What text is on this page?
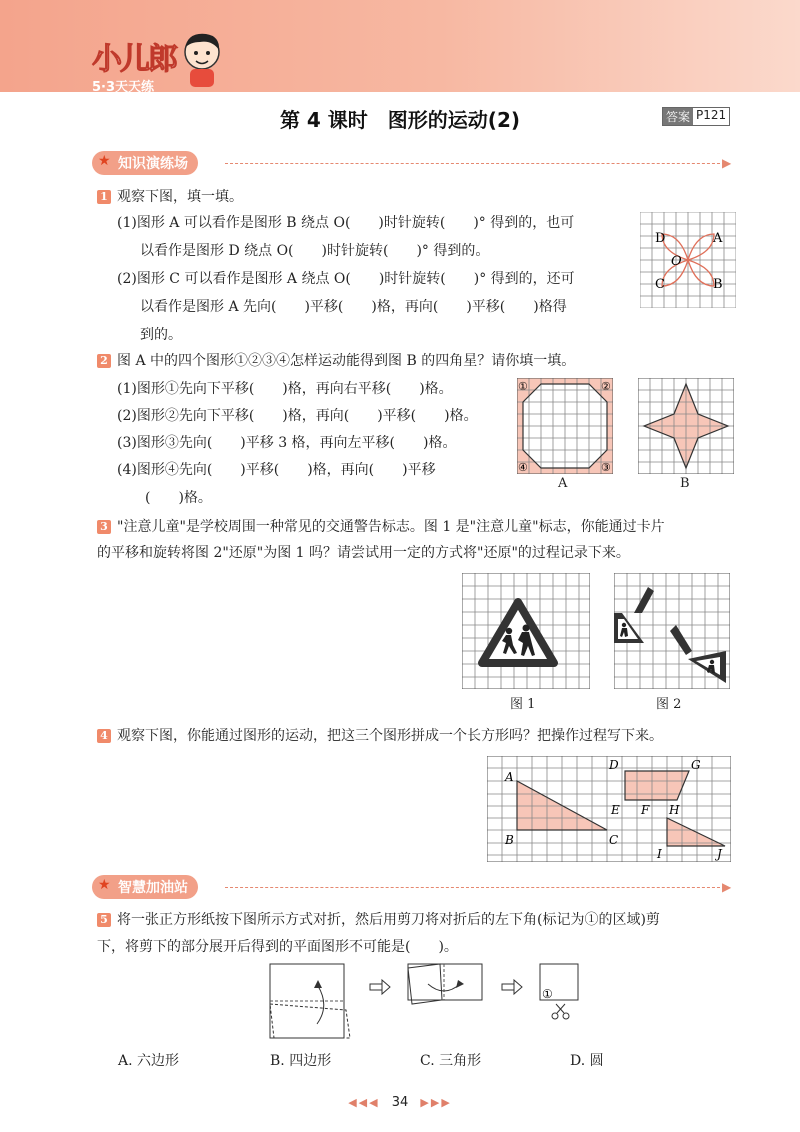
小儿郎
5·3天天练
第 4 课时　图形的运动(2)	答案 P121
★ 知识演练场	▶
1 观察下图，填一填。
(1)图形 A 可以看作是图形 B 绕点 O(　　)时针旋转(　　)° 得到的，也可
以看作是图形 D 绕点 O(　　)时针旋转(　　)° 得到的。
(2)图形 C 可以看作是图形 A 绕点 O(　　)时针旋转(　　)° 得到的，还可
以看作是图形 A 先向(　　)平移(　　)格，再向(　　)平移(　　)格得
到的。
D	A
O
C	B
2 图 A 中的四个图形①②③④怎样运动能得到图 B 的四角星？请你填一填。
(1)图形①先向下平移(　　)格，再向右平移(　　)格。
(2)图形②先向下平移(　　)格，再向(　　)平移(　　)格。
(3)图形③先向(　　)平移 3 格，再向左平移(　　)格。
(4)图形④先向(　　)平移(　　)格，再向(　　)平移
(　　)格。
①	②
③
④
A	B
3 "注意儿童"是学校周围一种常见的交通警告标志。图 1 是"注意儿童"标志，你能通过卡片
的平移和旋转将图 2"还原"为图 1 吗？请尝试用一定的方式将"还原"的过程记录下来。
图 1	图 2
4 观察下图，你能通过图形的运动，把这三个图形拼成一个长方形吗？把操作过程写下来。
A
B	C
D
E F
G
H
I	J
★ 智慧加油站	▶
5 将一张正方形纸按下图所示方式对折，然后用剪刀将对折后的左下角(标记为①的区域)剪
下，将剪下的部分展开后得到的平面图形不可能是(　　)。
①
A. 六边形	B. 四边形	C. 三角形	D. 圆
◀◀◀ 34 ▶▶▶
